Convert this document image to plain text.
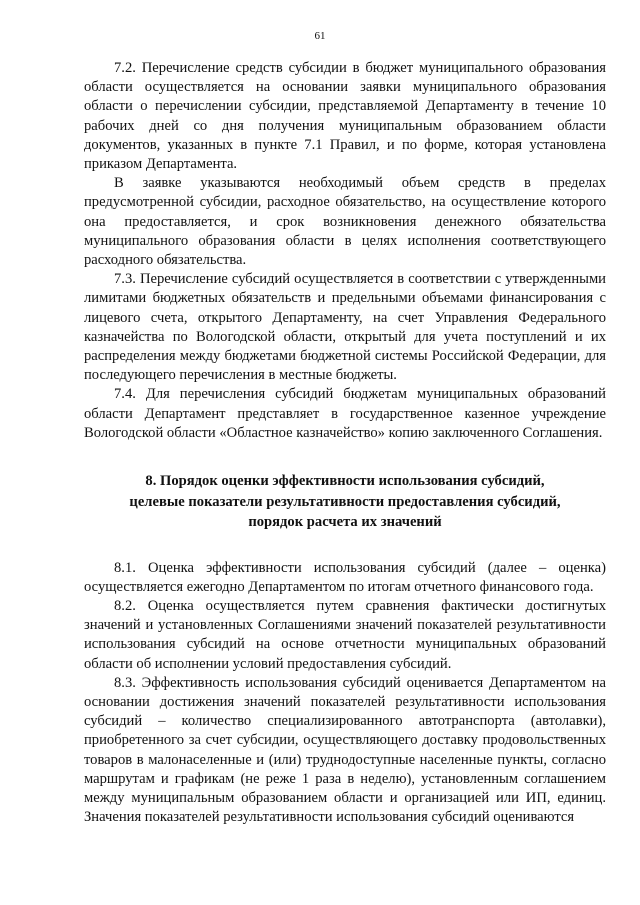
61

7.2. Перечисление средств субсидии в бюджет муниципального образования области осуществляется на основании заявки муниципального образования области о перечислении субсидии, представляемой Департаменту в течение 10 рабочих дней со дня получения муниципальным образованием области документов, указанных в пункте 7.1 Правил, и по форме, которая установлена приказом Департамента.

В заявке указываются необходимый объем средств в пределах предусмотренной субсидии, расходное обязательство, на осуществление которого она предоставляется, и срок возникновения денежного обязательства муниципального образования области в целях исполнения соответствующего расходного обязательства.

7.3. Перечисление субсидий осуществляется в соответствии с утвержденными лимитами бюджетных обязательств и предельными объемами финансирования с лицевого счета, открытого Департаменту, на счет Управления Федерального казначейства по Вологодской области, открытый для учета поступлений и их распределения между бюджетами бюджетной системы Российской Федерации, для последующего перечисления в местные бюджеты.

7.4. Для перечисления субсидий бюджетам муниципальных образований области Департамент представляет в государственное казенное учреждение Вологодской области «Областное казначейство» копию заключенного Соглашения.

8. Порядок оценки эффективности использования субсидий,
целевые показатели результативности предоставления субсидий,
порядок расчета их значений

8.1. Оценка эффективности использования субсидий (далее – оценка) осуществляется ежегодно Департаментом по итогам отчетного финансового года.

8.2. Оценка осуществляется путем сравнения фактически достигнутых значений и установленных Соглашениями значений показателей результативности использования субсидий на основе отчетности муниципальных образований области об исполнении условий предоставления субсидий.

8.3. Эффективность использования субсидий оценивается Департаментом на основании достижения значений показателей результативности использования субсидий – количество специализированного автотранспорта (автолавки), приобретенного за счет субсидии, осуществляющего доставку продовольственных товаров в малонаселенные и (или) труднодоступные населенные пункты, согласно маршрутам и графикам (не реже 1 раза в неделю), установленным соглашением между муниципальным образованием области и организацией или ИП, единиц. Значения показателей результативности использования субсидий оцениваются
